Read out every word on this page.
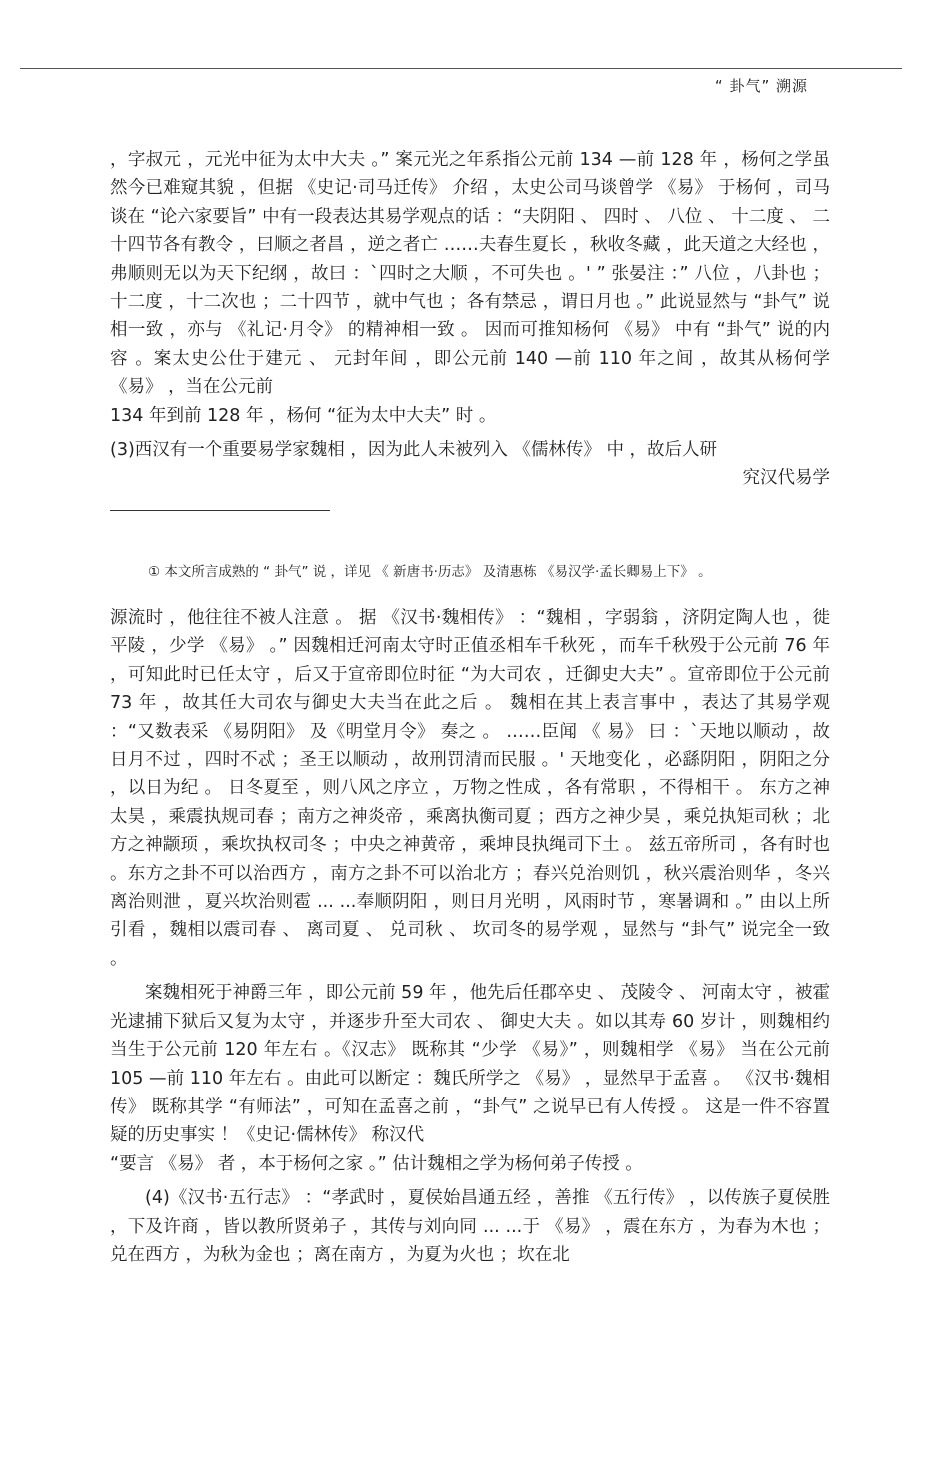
“ 卦气” 溯源

，字叔元 ，元光中征为太中大夫 。” 案元光之年系指公元前 134 —前 128 年 ，杨何之学虽然今已难窥其貌 ，但据 《史记·司马迁传》 介绍 ，太史公司马谈曾学 《易》 于杨何 ，司马谈在 “论六家要旨” 中有一段表达其易学观点的话 ：“夫阴阳 、 四时 、 八位 、 十二度 、 二十四节各有教令 ，曰顺之者昌 ，逆之者亡 ……夫春生夏长 ，秋收冬藏 ，此天道之大经也 ，弗顺则无以为天下纪纲 ，故曰 ：`四时之大顺 ，不可失也 。' ” 张晏注 ：” 八位 ，八卦也 ；十二度 ，十二次也 ；二十四节 ，就中气也 ；各有禁忌 ，谓日月也 。” 此说显然与 “卦气” 说相一致 ，亦与 《礼记·月令》 的精神相一致 。 因而可推知杨何 《易》 中有 “卦气” 说的内容 。案太史公仕于建元 、 元封年间 ，即公元前 140 —前 110 年之间 ，故其从杨何学 《易》 ，当在公元前

134 年到前 128 年 ，杨何 “征为太中大夫” 时 。

(3)西汉有一个重要易学家魏相 ，因为此人未被列入 《儒林传》 中 ，故后人研
究汉代易学

① 本文所言成熟的 “ 卦气” 说 ，详见 《 新唐书·历志》 及清惠栋 《易汉学·孟长卿易上下》 。

源流时 ，他往往不被人注意 。 据 《汉书·魏相传》 ：“魏相 ，字弱翁 ，济阴定陶人也 ，徙平陵 ，少学 《易》 。” 因魏相迁河南太守时正值丞相车千秋死 ，而车千秋殁于公元前 76 年 ，可知此时已任太守 ，后又于宣帝即位时征 “为大司农 ，迁御史大夫” 。宣帝即位于公元前 73 年 ，故其任大司农与御史大夫当在此之后 。 魏相在其上表言事中 ，表达了其易学观 ：“又数表采 《易阴阳》 及《明堂月令》 奏之 。 ……臣闻 《 易》 曰 ：`天地以顺动 ，故日月不过 ，四时不忒 ；圣王以顺动 ，故刑罚清而民服 。' 天地变化 ，必繇阴阳 ，阴阳之分 ，以日为纪 。 日冬夏至 ，则八风之序立 ，万物之性成 ，各有常职 ，不得相干 。 东方之神太昊 ，乘震执规司春 ；南方之神炎帝 ，乘离执衡司夏 ；西方之神少昊 ，乘兑执矩司秋 ；北方之神颛顼 ，乘坎执权司冬 ；中央之神黄帝 ，乘坤艮执绳司下土 。 兹五帝所司 ，各有时也 。东方之卦不可以治西方 ，南方之卦不可以治北方 ；春兴兑治则饥 ，秋兴震治则华 ，冬兴离治则泄 ，夏兴坎治则雹 ... ...奉顺阴阳 ，则日月光明 ，风雨时节 ，寒暑调和 。” 由以上所引看 ，魏相以震司春 、 离司夏 、 兑司秋 、 坎司冬的易学观 ，显然与 “卦气” 说完全一致 。

案魏相死于神爵三年 ，即公元前 59 年 ，他先后任郡卒史 、 茂陵令 、 河南太守 ，被霍光逮捕下狱后又复为太守 ，并逐步升至大司农 、 御史大夫 。如以其寿 60 岁计 ，则魏相约当生于公元前 120 年左右 。《汉志》 既称其 “少学 《易》” ，则魏相学 《易》 当在公元前105 —前 110 年左右 。由此可以断定 ：魏氏所学之 《易》 ，显然早于孟喜 。 《汉书·魏相传》 既称其学 “有师法” ，可知在孟喜之前 ，“卦气” 之说早已有人传授 。 这是一件不容置疑的历史事实 ！《史记·儒林传》 称汉代

“要言 《易》 者 ，本于杨何之家 。” 估计魏相之学为杨何弟子传授 。

(4)《汉书·五行志》 ：“孝武时 ，夏侯始昌通五经 ，善推 《五行传》 ，以传族子夏侯胜 ，下及许商 ，皆以教所贤弟子 ，其传与刘向同 ... ...于 《易》 ，震在东方 ，为春为木也 ；兑在西方 ，为秋为金也 ；离在南方 ，为夏为火也 ；坎在北
